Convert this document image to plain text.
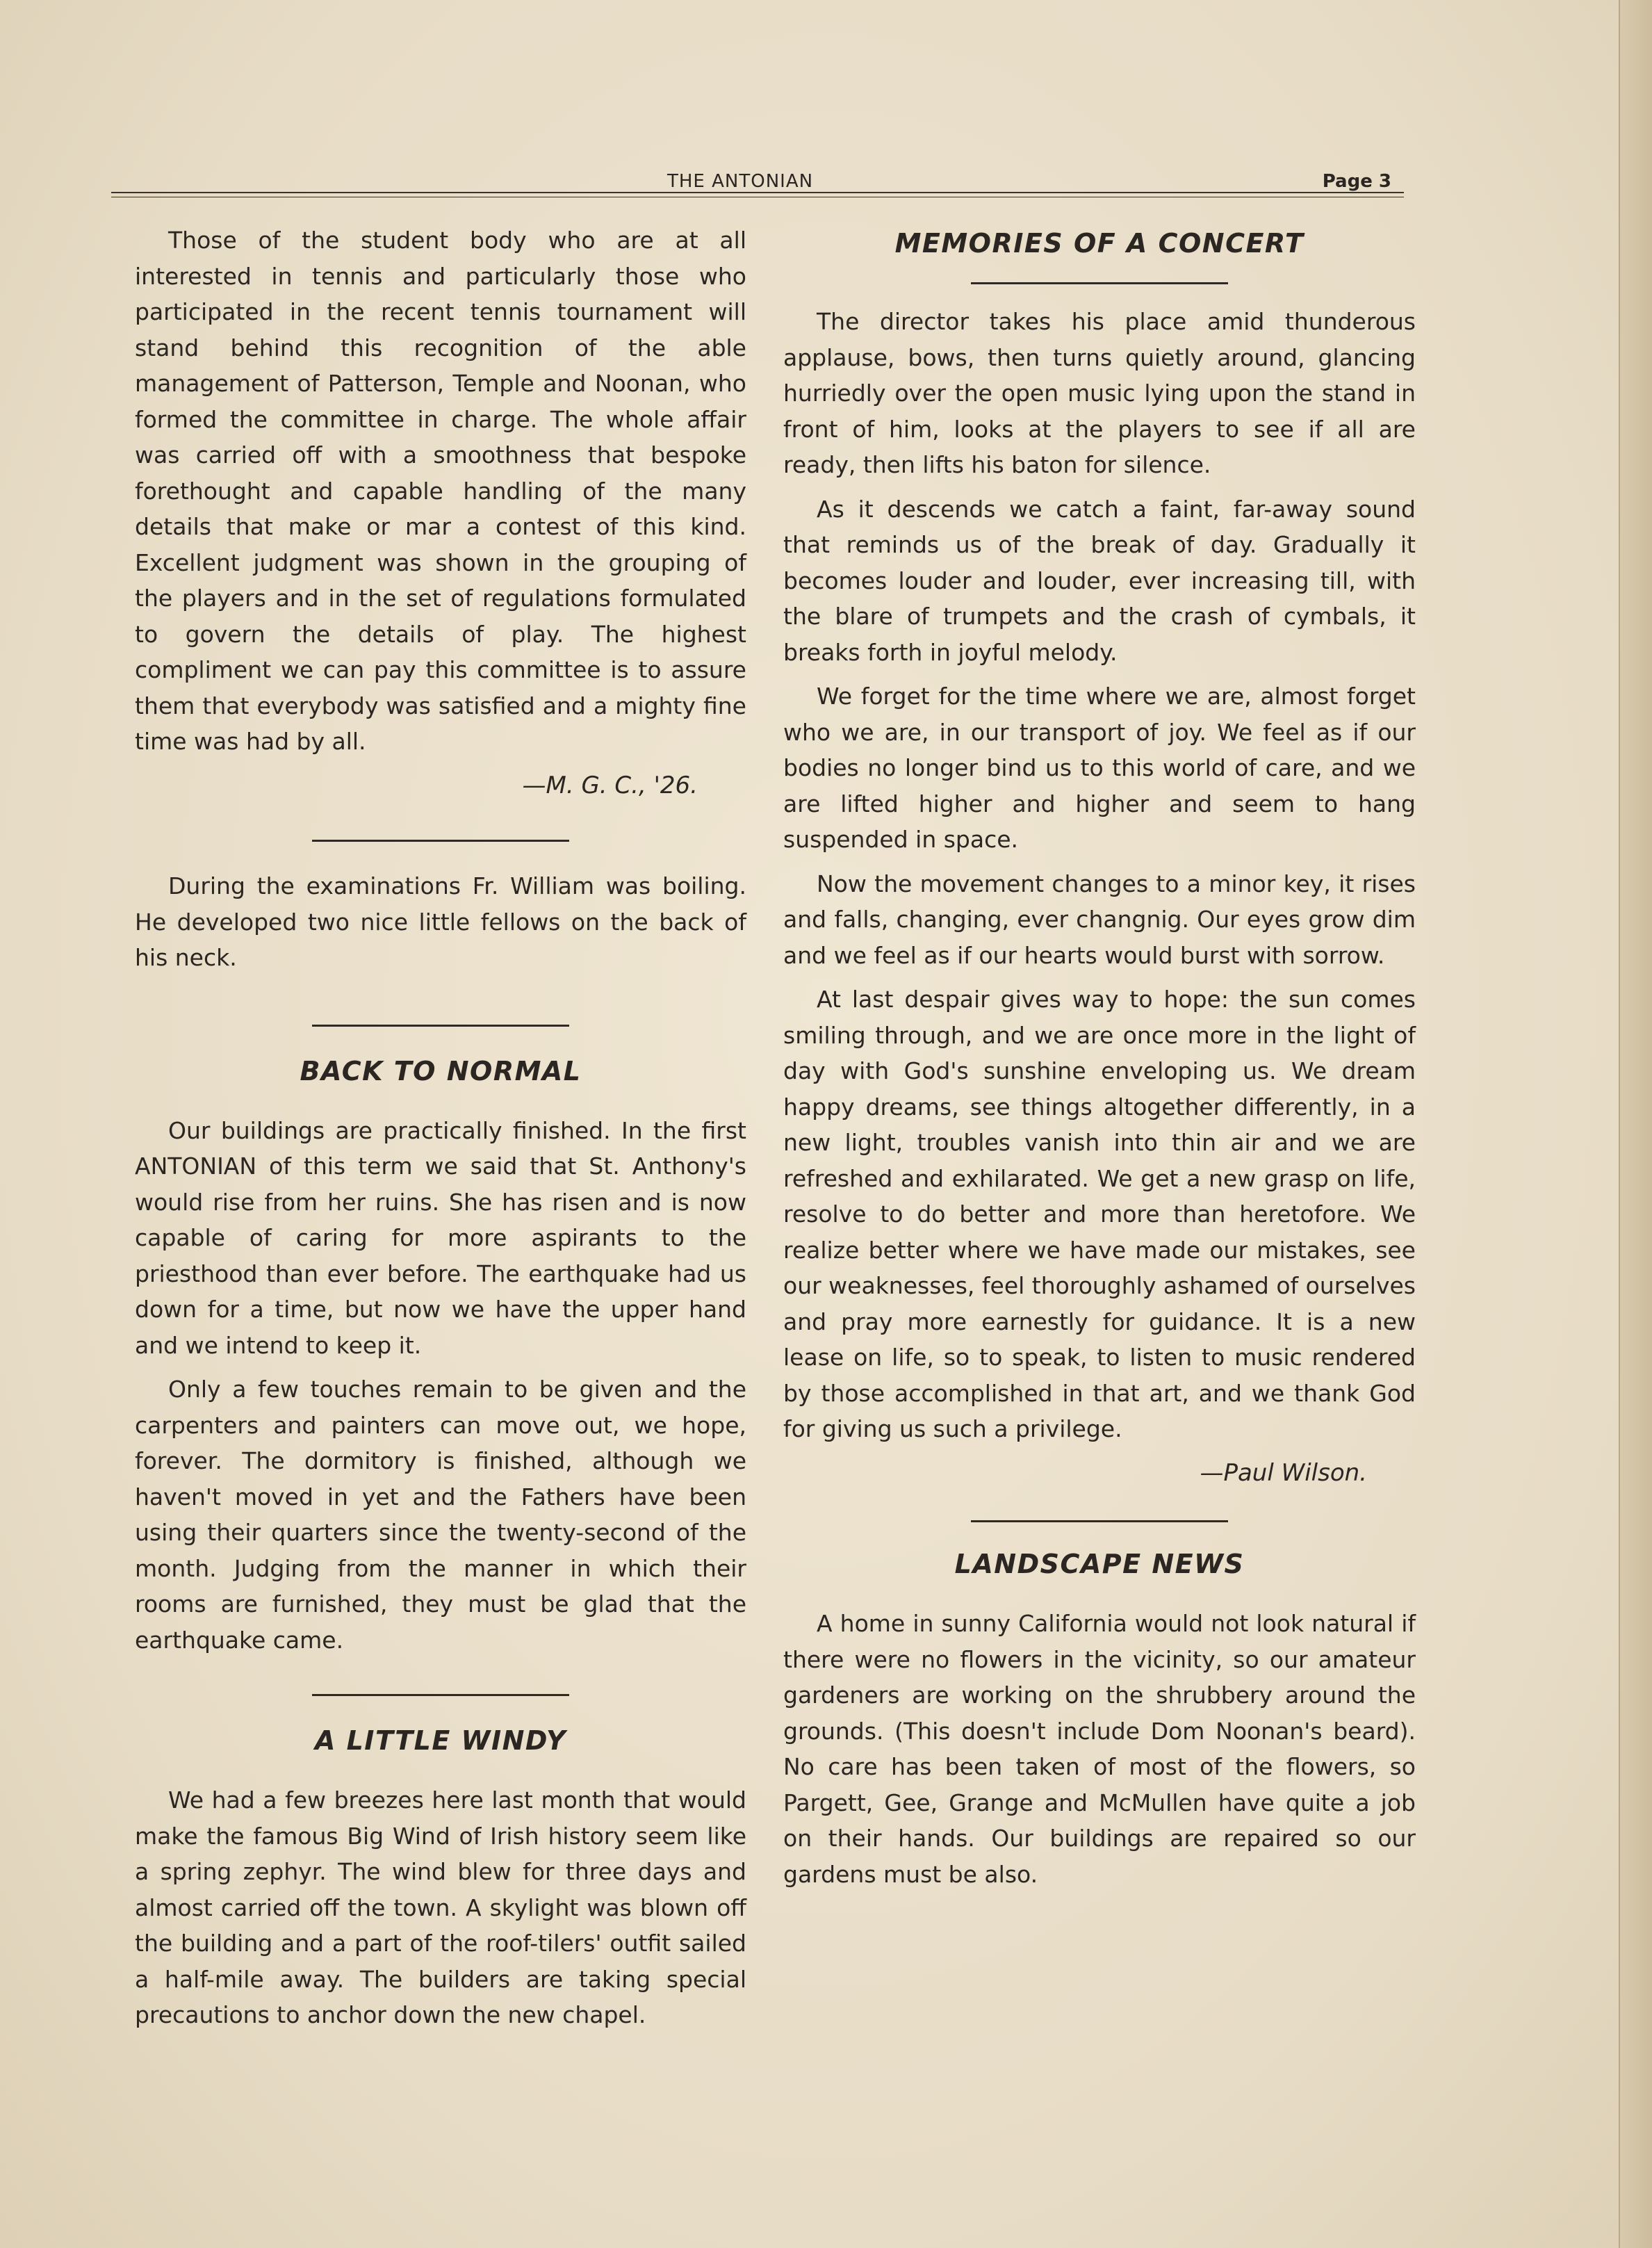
THE ANTONIAN	Page 3

Those of the student body who are at all interested in tennis and particularly those who participated in the recent tennis tournament will stand behind this recognition of the able management of Patterson, Temple and Noonan, who formed the committee in charge. The whole affair was carried off with a smoothness that bespoke forethought and capable handling of the many details that make or mar a contest of this kind. Excellent judgment was shown in the grouping of the players and in the set of regulations formulated to govern the details of play. The highest compliment we can pay this committee is to assure them that everybody was satisfied and a mighty fine time was had by all.

—M. G. C., '26.

During the examinations Fr. William was boiling. He developed two nice little fellows on the back of his neck.

BACK TO NORMAL

Our buildings are practically finished. In the first ANTONIAN of this term we said that St. Anthony's would rise from her ruins. She has risen and is now capable of caring for more aspirants to the priesthood than ever before. The earthquake had us down for a time, but now we have the upper hand and we intend to keep it.

Only a few touches remain to be given and the carpenters and painters can move out, we hope, forever. The dormitory is finished, although we haven't moved in yet and the Fathers have been using their quarters since the twenty-second of the month. Judging from the manner in which their rooms are furnished, they must be glad that the earthquake came.

A LITTLE WINDY

We had a few breezes here last month that would make the famous Big Wind of Irish history seem like a spring zephyr. The wind blew for three days and almost carried off the town. A skylight was blown off the building and a part of the roof-tilers' outfit sailed a half-mile away. The builders are taking special precautions to anchor down the new chapel.

MEMORIES OF A CONCERT

The director takes his place amid thunderous applause, bows, then turns quietly around, glancing hurriedly over the open music lying upon the stand in front of him, looks at the players to see if all are ready, then lifts his baton for silence.

As it descends we catch a faint, far-away sound that reminds us of the break of day. Gradually it becomes louder and louder, ever increasing till, with the blare of trumpets and the crash of cymbals, it breaks forth in joyful melody.

We forget for the time where we are, almost forget who we are, in our transport of joy. We feel as if our bodies no longer bind us to this world of care, and we are lifted higher and higher and seem to hang suspended in space.

Now the movement changes to a minor key, it rises and falls, changing, ever changnig. Our eyes grow dim and we feel as if our hearts would burst with sorrow.

At last despair gives way to hope: the sun comes smiling through, and we are once more in the light of day with God's sunshine enveloping us. We dream happy dreams, see things altogether differently, in a new light, troubles vanish into thin air and we are refreshed and exhilarated. We get a new grasp on life, resolve to do better and more than heretofore. We realize better where we have made our mistakes, see our weaknesses, feel thoroughly ashamed of ourselves and pray more earnestly for guidance. It is a new lease on life, so to speak, to listen to music rendered by those accomplished in that art, and we thank God for giving us such a privilege.

—Paul Wilson.

LANDSCAPE NEWS

A home in sunny California would not look natural if there were no flowers in the vicinity, so our amateur gardeners are working on the shrubbery around the grounds. (This doesn't include Dom Noonan's beard). No care has been taken of most of the flowers, so Pargett, Gee, Grange and McMullen have quite a job on their hands. Our buildings are repaired so our gardens must be also.
